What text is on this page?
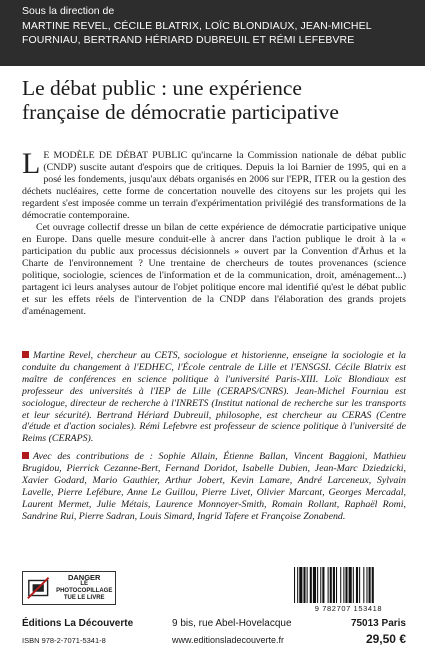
Sous la direction de
MARTINE REVEL, CÉCILE BLATRIX, LOÏC BLONDIAUX, JEAN-MICHEL FOURNIAU, BERTRAND HÉRIARD DUBREUIL ET RÉMI LEFEBVRE
Le débat public : une expérience
française de démocratie participative

L E MODÈLE DE DÉBAT PUBLIC qu'incarne la Commission nationale de débat public (CNDP) suscite autant d'espoirs que de critiques. Depuis la loi Barnier de 1995, qui en a posé les fondements, jusqu'aux débats organisés en 2006 sur l'EPR, ITER ou la gestion des déchets nucléaires, cette forme de concertation nouvelle des citoyens sur les projets qui les regardent s'est imposée comme un terrain d'expérimentation privilégié des transformations de la démocratie contemporaine.

Cet ouvrage collectif dresse un bilan de cette expérience de démocratie participative unique en Europe. Dans quelle mesure conduit-elle à ancrer dans l'action publique le droit à la « participation du public aux processus décisionnels » ouvert par la Convention d'Århus et la Charte de l'environnement ? Une trentaine de chercheurs de toutes provenances (science politique, sociologie, sciences de l'information et de la communication, droit, aménagement...) partagent ici leurs analyses autour de l'objet politique encore mal identifié qu'est le débat public et sur les effets réels de l'intervention de la CNDP dans l'élaboration des grands projets d'aménagement.

Martine Revel, chercheur au CETS, sociologue et historienne, enseigne la sociologie et la conduite du changement à l'EDHEC, l'École centrale de Lille et l'ENSGSI. Cécile Blatrix est maître de conférences en science politique à l'université Paris-XIII. Loïc Blondiaux est professeur des universités à l'IEP de Lille (CERAPS/CNRS). Jean-Michel Fourniau est sociologue, directeur de recherche à l'INRETS (Institut national de recherche sur les transports et leur sécurité). Bertrand Hériard Dubreuil, philosophe, est chercheur au CERAS (Centre d'étude et d'action sociales). Rémi Lefebvre est professeur de science politique à l'université de Reims (CERAPS).

Avec des contributions de : Sophie Allain, Étienne Ballan, Vincent Baggioni, Mathieu Brugidou, Pierrick Cezanne-Bert, Fernand Doridot, Isabelle Dubien, Jean-Marc Dziedzicki, Xavier Godard, Mario Gauthier, Arthur Jobert, Kevin Lamare, André Larceneux, Sylvain Lavelle, Pierre Lefébure, Anne Le Guillou, Pierre Livet, Olivier Marcant, Georges Mercadal, Laurent Mermet, Julie Métais, Laurence Monnoyer-Smith, Romain Rollant, Raphaël Romi, Sandrine Rui, Pierre Sadran, Louis Simard, Ingrid Tafere et Françoise Zonabend.

DANGER
LE PHOTOCOPILLAGE
TUE LE LIVRE
9 782707 153418
Éditions La Découverte	9 bis, rue Abel-Hovelacque	75013 Paris
ISBN 978-2-7071-5341-8	www.editionsladecouverte.fr	29,50 €
